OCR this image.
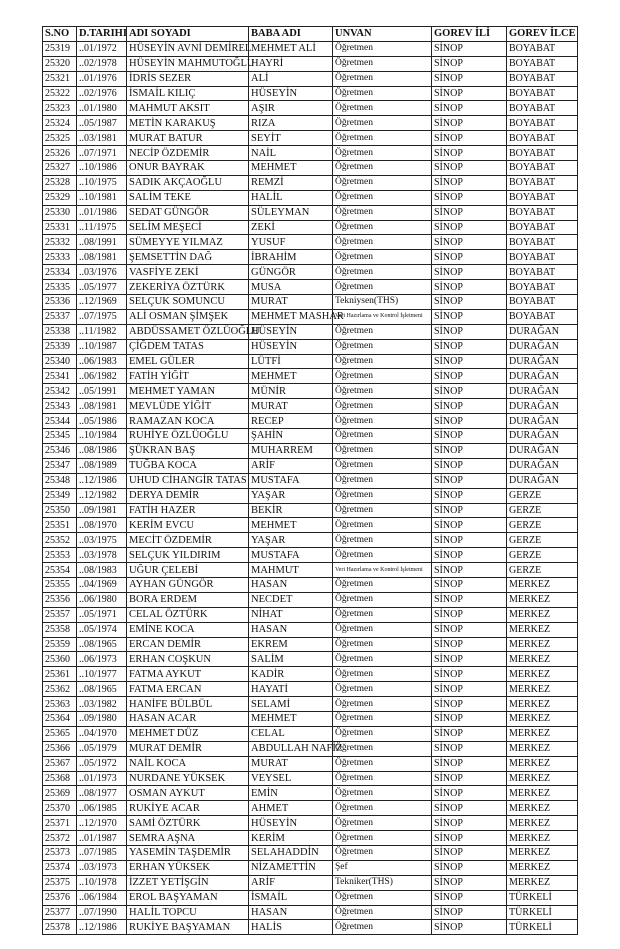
S.NO	D.TARIHI	ADI SOYADI	BABA ADI	UNVAN	GOREV İLİ	GOREV İLCE
25319	..01/1972	HÜSEYİN AVNİ DEMİREL	MEHMET ALİ	Öğretmen	SİNOP	BOYABAT
25320	..02/1978	HÜSEYİN MAHMUTOĞLU	HAYRİ	Öğretmen	SİNOP	BOYABAT
25321	..01/1976	İDRİS SEZER	ALİ	Öğretmen	SİNOP	BOYABAT
25322	..02/1976	İSMAİL KILIÇ	HÜSEYİN	Öğretmen	SİNOP	BOYABAT
25323	..01/1980	MAHMUT AKSIT	AŞIR	Öğretmen	SİNOP	BOYABAT
25324	..05/1987	METİN KARAKUŞ	RIZA	Öğretmen	SİNOP	BOYABAT
25325	..03/1981	MURAT BATUR	SEYİT	Öğretmen	SİNOP	BOYABAT
25326	..07/1971	NECİP ÖZDEMİR	NAİL	Öğretmen	SİNOP	BOYABAT
25327	..10/1986	ONUR BAYRAK	MEHMET	Öğretmen	SİNOP	BOYABAT
25328	..10/1975	SADIK AKÇAOĞLU	REMZİ	Öğretmen	SİNOP	BOYABAT
25329	..10/1981	SALİM TEKE	HALİL	Öğretmen	SİNOP	BOYABAT
25330	..01/1986	SEDAT GÜNGÖR	SÜLEYMAN	Öğretmen	SİNOP	BOYABAT
25331	..11/1975	SELİM MEŞECİ	ZEKİ	Öğretmen	SİNOP	BOYABAT
25332	..08/1991	SÜMEYYE YILMAZ	YUSUF	Öğretmen	SİNOP	BOYABAT
25333	..08/1981	ŞEMSETTİN DAĞ	İBRAHİM	Öğretmen	SİNOP	BOYABAT
25334	..03/1976	VASFİYE ZEKİ	GÜNGÖR	Öğretmen	SİNOP	BOYABAT
25335	..05/1977	ZEKERİYA ÖZTÜRK	MUSA	Öğretmen	SİNOP	BOYABAT
25336	..12/1969	SELÇUK SOMUNCU	MURAT	Tekniysen(THS)	SİNOP	BOYABAT
25337	..07/1975	ALİ OSMAN ŞİMŞEK	MEHMET MASHAR	Veri Hazırlama ve Kontrol İşletmeni	SİNOP	BOYABAT
25338	..11/1982	ABDÜSSAMET ÖZLÜOĞLU	HÜSEYİN	Öğretmen	SİNOP	DURAĞAN
25339	..10/1987	ÇİĞDEM TATAS	HÜSEYİN	Öğretmen	SİNOP	DURAĞAN
25340	..06/1983	EMEL GÜLER	LÜTFİ	Öğretmen	SİNOP	DURAĞAN
25341	..06/1982	FATİH YİĞİT	MEHMET	Öğretmen	SİNOP	DURAĞAN
25342	..05/1991	MEHMET YAMAN	MÜNİR	Öğretmen	SİNOP	DURAĞAN
25343	..08/1981	MEVLÜDE YİĞİT	MURAT	Öğretmen	SİNOP	DURAĞAN
25344	..05/1986	RAMAZAN KOCA	RECEP	Öğretmen	SİNOP	DURAĞAN
25345	..10/1984	RUHİYE ÖZLÜOĞLU	ŞAHİN	Öğretmen	SİNOP	DURAĞAN
25346	..08/1986	ŞÜKRAN BAŞ	MUHARREM	Öğretmen	SİNOP	DURAĞAN
25347	..08/1989	TUĞBA KOCA	ARİF	Öğretmen	SİNOP	DURAĞAN
25348	..12/1986	UHUD CİHANGİR TATAS	MUSTAFA	Öğretmen	SİNOP	DURAĞAN
25349	..12/1982	DERYA DEMİR	YAŞAR	Öğretmen	SİNOP	GERZE
25350	..09/1981	FATİH HAZER	BEKİR	Öğretmen	SİNOP	GERZE
25351	..08/1970	KERİM EVCU	MEHMET	Öğretmen	SİNOP	GERZE
25352	..03/1975	MECİT ÖZDEMİR	YAŞAR	Öğretmen	SİNOP	GERZE
25353	..03/1978	SELÇUK YILDIRIM	MUSTAFA	Öğretmen	SİNOP	GERZE
25354	..08/1983	UĞUR ÇELEBİ	MAHMUT	Veri Hazırlama ve Kontrol İşletmeni	SİNOP	GERZE
25355	..04/1969	AYHAN GÜNGÖR	HASAN	Öğretmen	SİNOP	MERKEZ
25356	..06/1980	BORA ERDEM	NECDET	Öğretmen	SİNOP	MERKEZ
25357	..05/1971	CELAL ÖZTÜRK	NİHAT	Öğretmen	SİNOP	MERKEZ
25358	..05/1974	EMİNE KOCA	HASAN	Öğretmen	SİNOP	MERKEZ
25359	..08/1965	ERCAN DEMİR	EKREM	Öğretmen	SİNOP	MERKEZ
25360	..06/1973	ERHAN COŞKUN	SALİM	Öğretmen	SİNOP	MERKEZ
25361	..10/1977	FATMA AYKUT	KADİR	Öğretmen	SİNOP	MERKEZ
25362	..08/1965	FATMA ERCAN	HAYATİ	Öğretmen	SİNOP	MERKEZ
25363	..03/1982	HANİFE BÜLBÜL	SELAMİ	Öğretmen	SİNOP	MERKEZ
25364	..09/1980	HASAN ACAR	MEHMET	Öğretmen	SİNOP	MERKEZ
25365	..04/1970	MEHMET DÜZ	CELAL	Öğretmen	SİNOP	MERKEZ
25366	..05/1979	MURAT DEMİR	ABDULLAH NAFİZ	Öğretmen	SİNOP	MERKEZ
25367	..05/1972	NAİL KOCA	MURAT	Öğretmen	SİNOP	MERKEZ
25368	..01/1973	NURDANE YÜKSEK	VEYSEL	Öğretmen	SİNOP	MERKEZ
25369	..08/1977	OSMAN AYKUT	EMİN	Öğretmen	SİNOP	MERKEZ
25370	..06/1985	RUKİYE ACAR	AHMET	Öğretmen	SİNOP	MERKEZ
25371	..12/1970	SAMİ ÖZTÜRK	HÜSEYİN	Öğretmen	SİNOP	MERKEZ
25372	..01/1987	SEMRA AŞNA	KERİM	Öğretmen	SİNOP	MERKEZ
25373	..07/1985	YASEMİN TAŞDEMİR	SELAHADDİN	Öğretmen	SİNOP	MERKEZ
25374	..03/1973	ERHAN YÜKSEK	NİZAMETTİN	Şef	SİNOP	MERKEZ
25375	..10/1978	İZZET YETİŞGİN	ARİF	Tekniker(THS)	SİNOP	MERKEZ
25376	..06/1984	EROL BAŞYAMAN	İSMAİL	Öğretmen	SİNOP	TÜRKELİ
25377	..07/1990	HALİL TOPCU	HASAN	Öğretmen	SİNOP	TÜRKELİ
25378	..12/1986	RUKİYE BAŞYAMAN	HALİS	Öğretmen	SİNOP	TÜRKELİ
